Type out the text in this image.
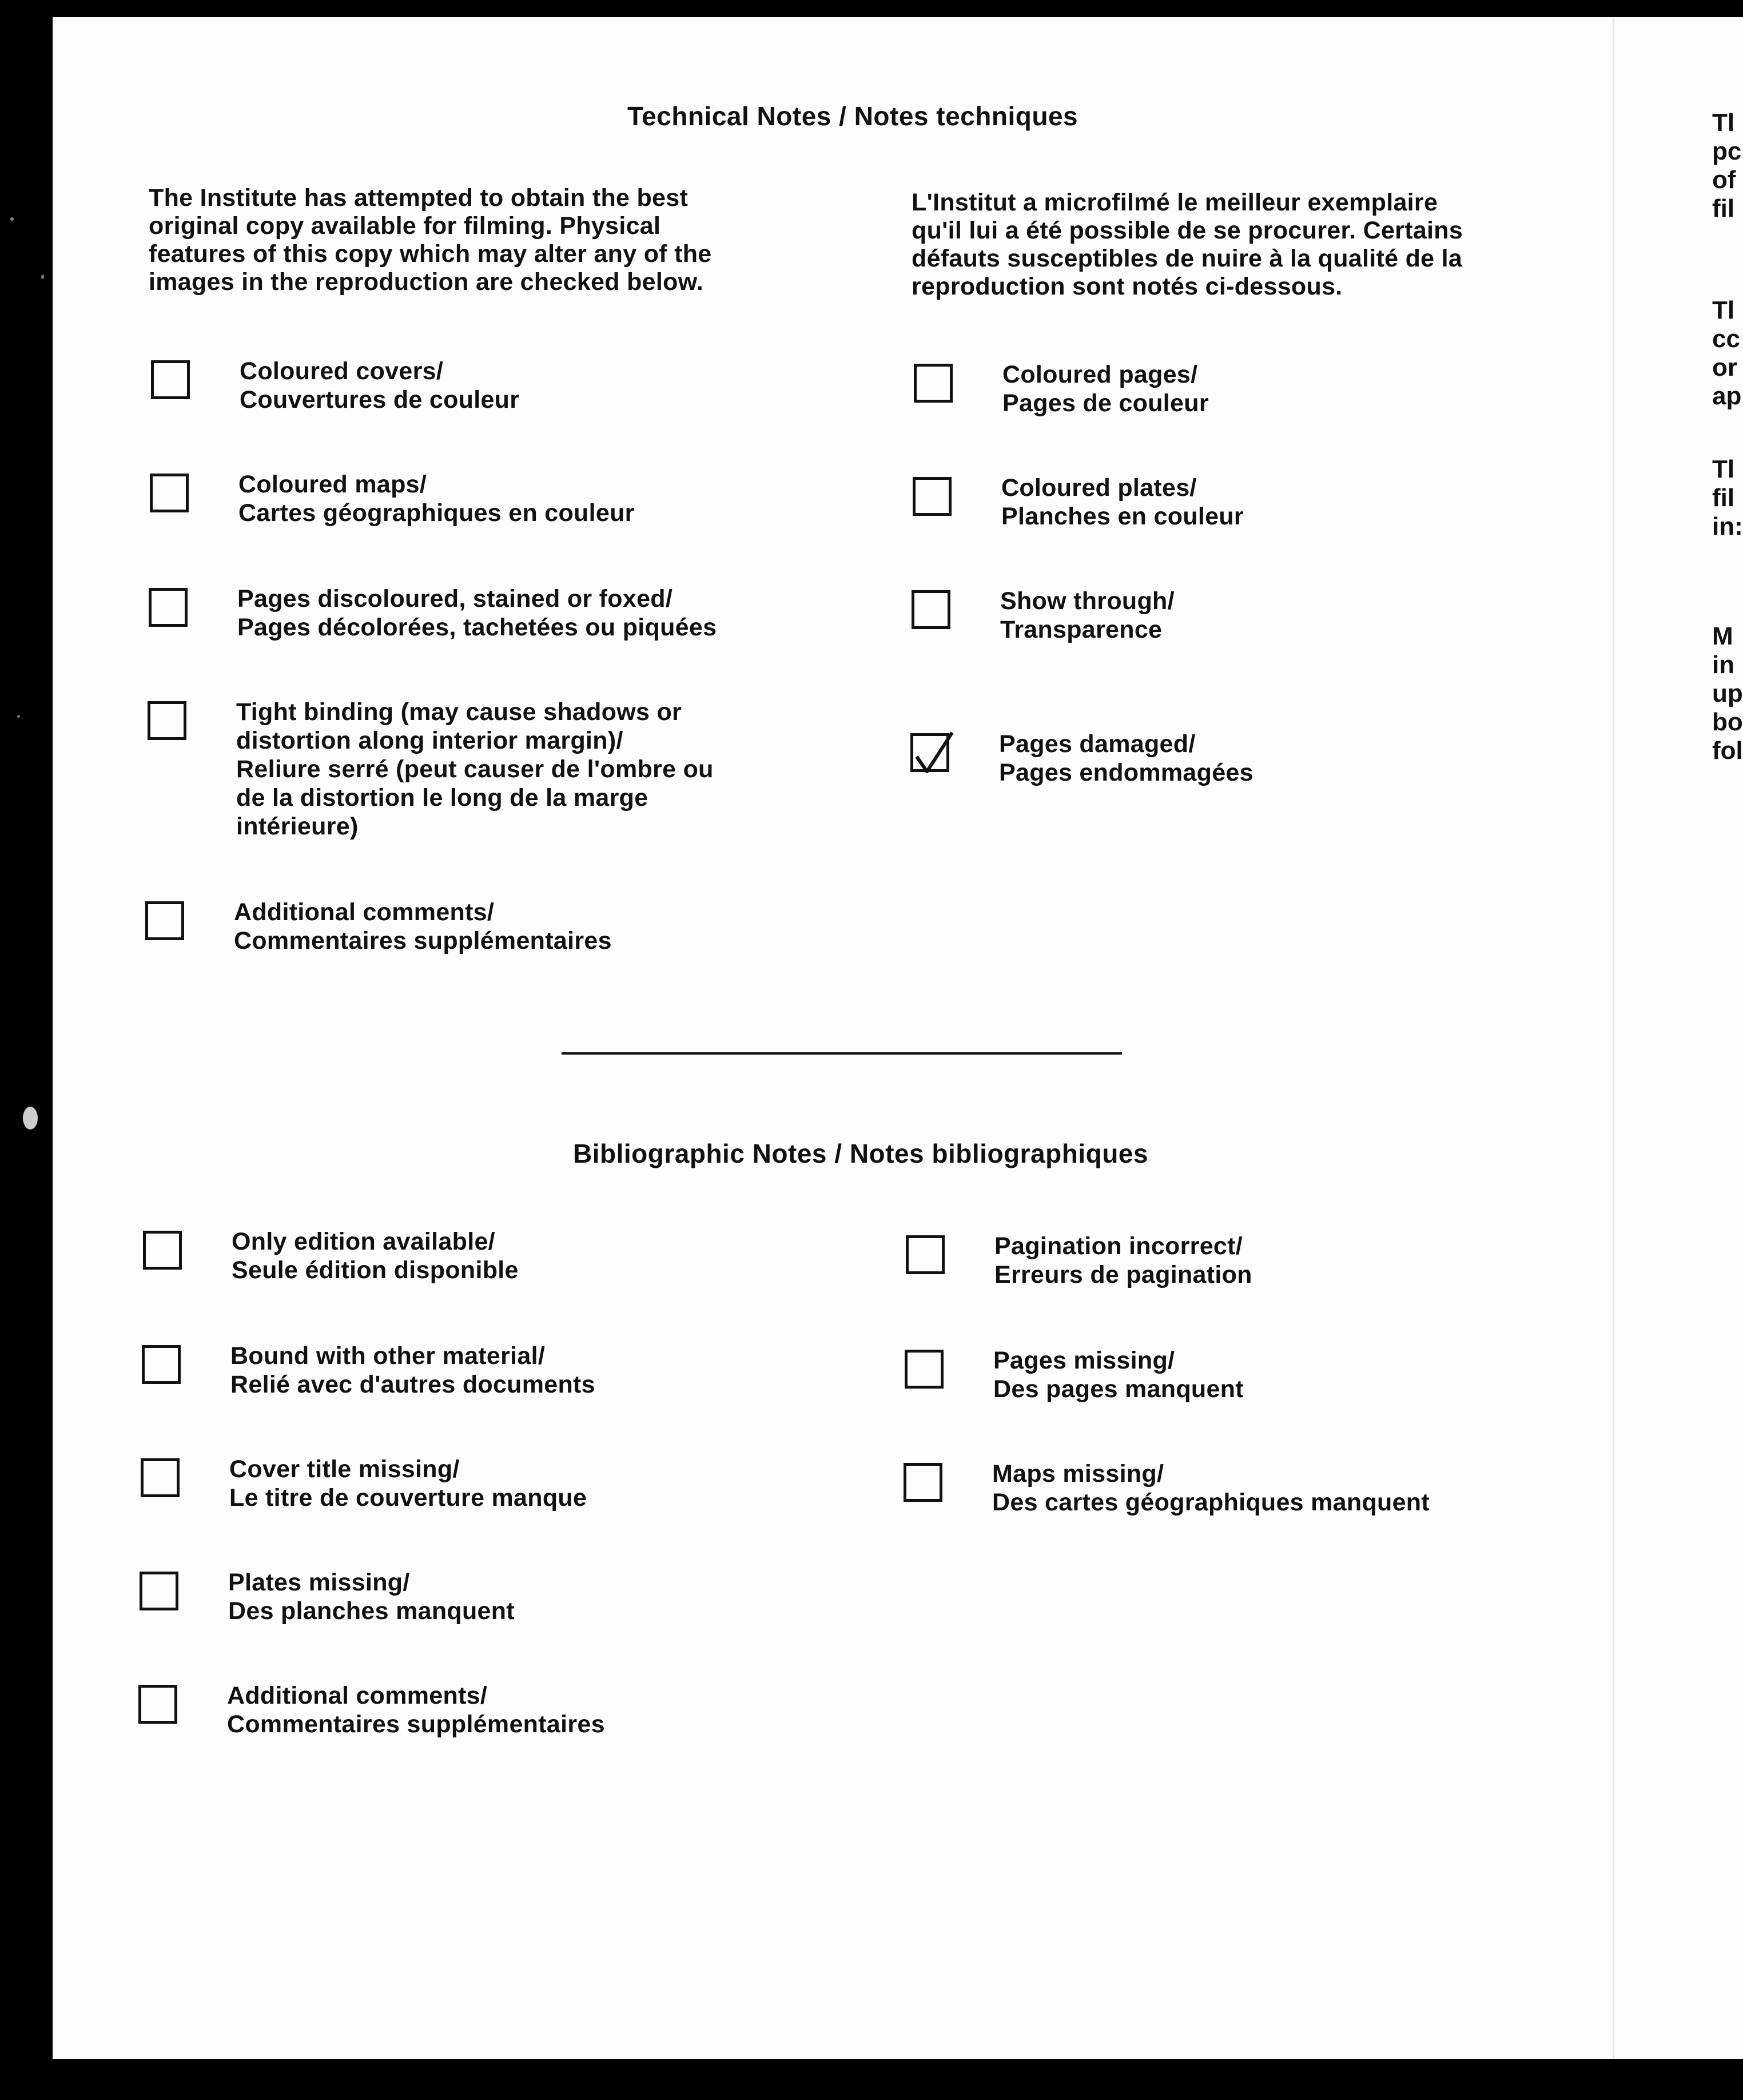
Technical Notes / Notes techniques
The Institute has attempted to obtain the best
original copy available for filming. Physical
features of this copy which may alter any of the
images in the reproduction are checked below.
L'Institut a microfilmé le meilleur exemplaire
qu'il lui a été possible de se procurer. Certains
défauts susceptibles de nuire à la qualité de la
reproduction sont notés ci-dessous.
Coloured covers/
Couvertures de couleur
Coloured maps/
Cartes géographiques en couleur
Pages discoloured, stained or foxed/
Pages décolorées, tachetées ou piquées
Tight binding (may cause shadows or
distortion along interior margin)/
Reliure serré (peut causer de l'ombre ou
de la distortion le long de la marge
intérieure)
Additional comments/
Commentaires supplémentaires
Coloured pages/
Pages de couleur
Coloured plates/
Planches en couleur
Show through/
Transparence
Pages damaged/
Pages endommagées
Bibliographic Notes / Notes bibliographiques
Only edition available/
Seule édition disponible
Bound with other material/
Relié avec d'autres documents
Cover title missing/
Le titre de couverture manque
Plates missing/
Des planches manquent
Additional comments/
Commentaires supplémentaires
Pagination incorrect/
Erreurs de pagination
Pages missing/
Des pages manquent
Maps missing/
Des cartes géographiques manquent
Tl
pc
of
fil
Tl
cc
or
ap
Tl
fil
in:
M
in
up
bo
fol
